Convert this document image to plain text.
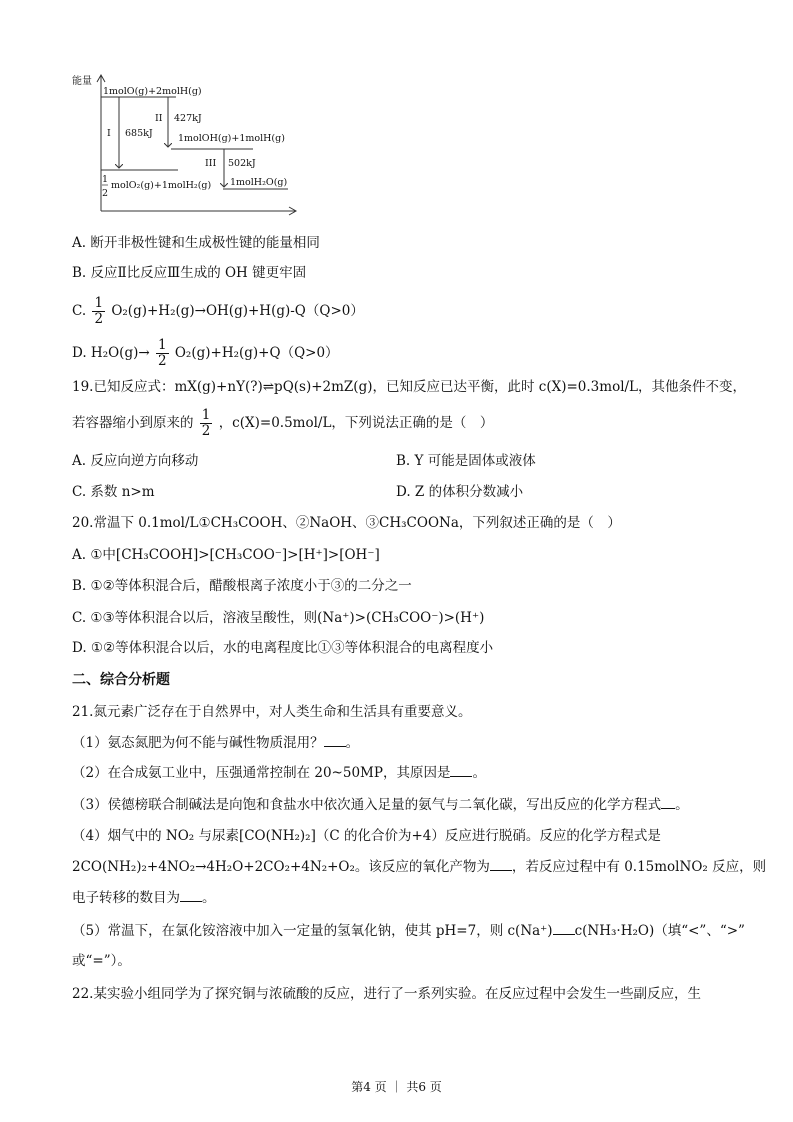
能量
1molO(g)+2molH(g)
1molOH(g)+1molH(g)
1
2
molO₂(g)+1molH₂(g) 1molH₂O(g)
I 685kJ
II 427kJ
III 502kJ
A. 断开非极性键和生成极性键的能量相同
B. 反应Ⅱ比反应Ⅲ生成的 OH 键更牢固
C. $\frac{1}{2} O_2(g)+H_2(g)\to OH(g)+H(g)-Q(Q>0)$
D. $H_2O(g)\to \frac{1}{2} O_2(g)+H_2(g)+Q(Q>0)$
19.已知反应式：mX(g)+nY(?)⇌pQ(s)+2mZ(g)，已知反应已达平衡，此时 c(X)=0.3mol/L，其他条件不变，
若容器缩小到原来的 $\frac{1}{2}$ ，c(X)=0.5mol/L，下列说法正确的是（　）
A. 反应向逆方向移动	B. Y 可能是固体或液体
C. 系数 n>m	D. Z 的体积分数减小
20.常温下 0.1mol/L①CH₃COOH、②NaOH、③CH₃COONa，下列叙述正确的是（　）
A. ①中[CH₃COOH]>[CH₃COO⁻]>[H⁺]>[OH⁻]
B. ①②等体积混合后，醋酸根离子浓度小于③的二分之一
C. ①③等体积混合以后，溶液呈酸性，则(Na⁺)>(CH₃COO⁻)>(H⁺)
D. ①②等体积混合以后，水的电离程度比①③等体积混合的电离程度小
二、综合分析题
21.氮元素广泛存在于自然界中，对人类生命和生活具有重要意义。
（1）氨态氮肥为何不能与碱性物质混用？ 。
（2）在合成氨工业中，压强通常控制在 20~50MP，其原因是 。
（3）侯德榜联合制碱法是向饱和食盐水中依次通入足量的氨气与二氧化碳，写出反应的化学方程式 。
（4）烟气中的 NO₂ 与尿素[CO(NH₂)₂]（C 的化合价为+4）反应进行脱硝。反应的化学方程式是
2CO(NH₂)₂+4NO₂→4H₂O+2CO₂+4N₂+O₂。该反应的氧化产物为 ，若反应过程中有 0.15molNO₂ 反应，则
电子转移的数目为 。
（5）常温下，在氯化铵溶液中加入一定量的氢氧化钠，使其 pH=7，则 c(Na⁺) c(NH₃·H₂O)（填“<”、“>”
或“=”）。
22.某实验小组同学为了探究铜与浓硫酸的反应，进行了一系列实验。在反应过程中会发生一些副反应，生
第4 页 ｜ 共6 页
